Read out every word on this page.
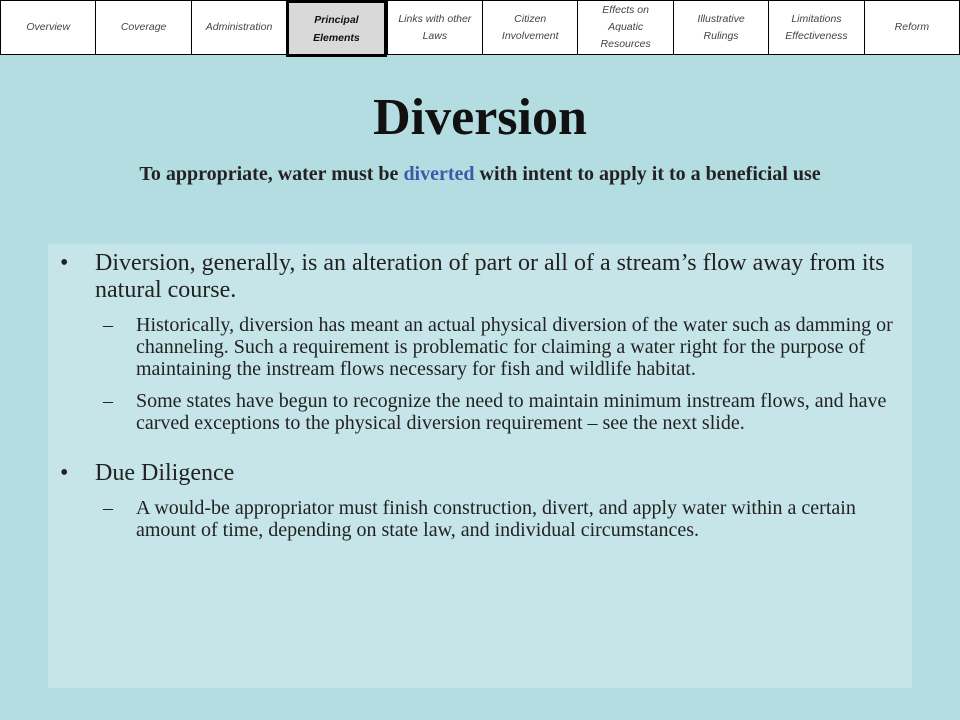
Overview	Coverage	Administration
Principal Elements
Links with other Laws
Citizen Involvement
Effects on Aquatic Resources
Illustrative Rulings
Limitations Effectiveness
Reform
Diversion

To appropriate, water must be diverted with intent to apply it to a beneficial use

• Diversion, generally, is an alteration of part or all of a stream’s flow away from its natural course.
– Historically, diversion has meant an actual physical diversion of the water such as damming or channeling. Such a requirement is problematic for claiming a water right for the purpose of maintaining the instream flows necessary for fish and wildlife habitat.
– Some states have begun to recognize the need to maintain minimum instream flows, and have carved exceptions to the physical diversion requirement – see the next slide.
• Due Diligence
– A would-be appropriator must finish construction, divert, and apply water within a certain amount of time, depending on state law, and individual circumstances.
